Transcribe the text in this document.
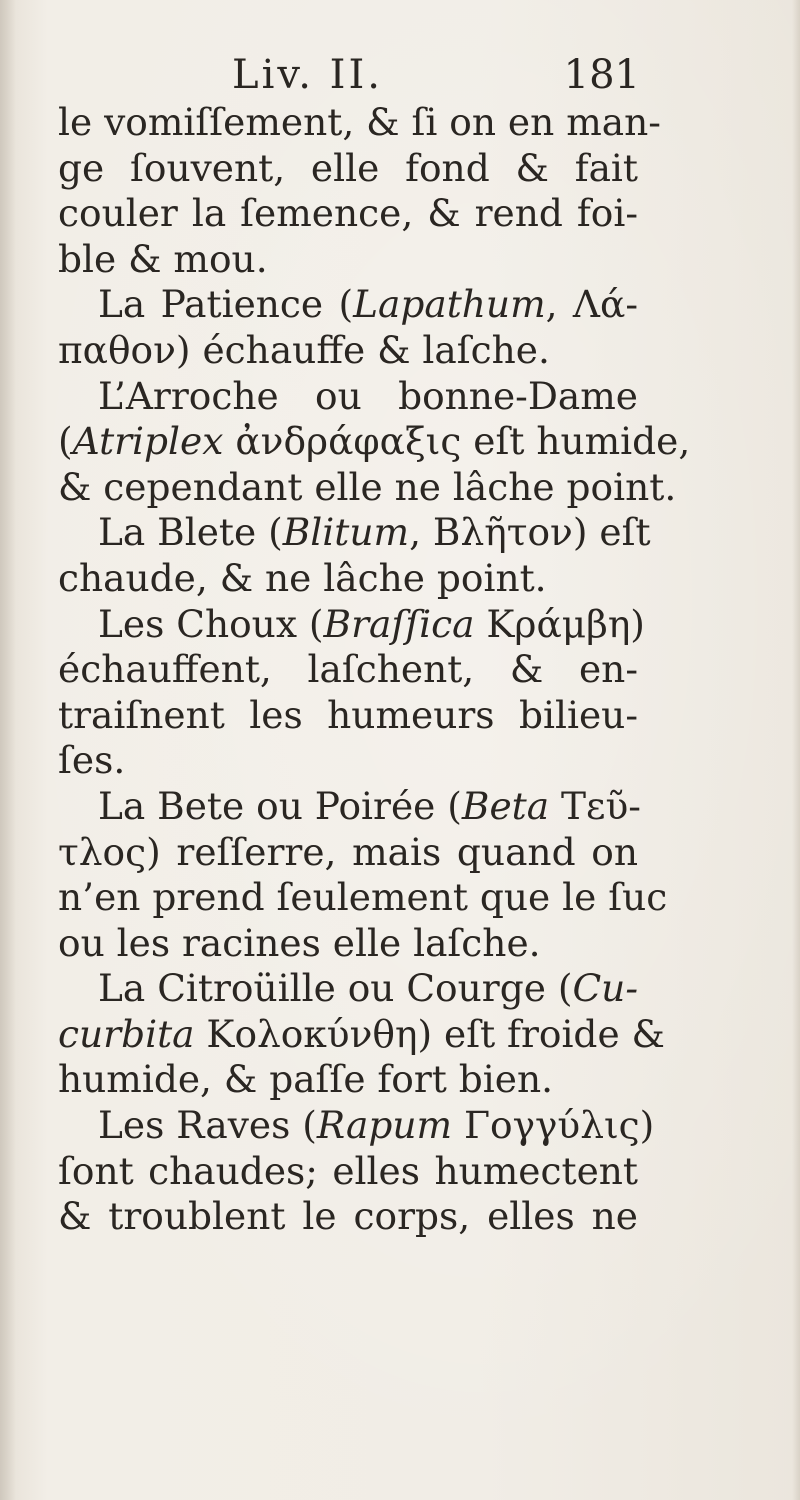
Liv. II.	181
le vomiſſement, & ſi on en man-
ge ſouvent, elle fond & fait
couler la ſemence, & rend foi-
ble & mou.
La Patience (Lapathum, Λά-
παθον) échauffe & laſche.
L’Arroche ou bonne-Dame
(Atriplex ἀνδράφαξις eſt humide,
& cependant elle ne lâche point.
La Blete (Blitum, Βλῆτον) eſt
chaude, & ne lâche point.
Les Choux (Braſſica Κράμβη)
échauffent, laſchent, & en-
traiſnent les humeurs bilieu-
ſes.
La Bete ou Poirée (Beta Τεῦ-
τλος) reſſerre, mais quand on
n’en prend ſeulement que le ſuc
ou les racines elle laſche.
La Citroüille ou Courge (Cu-
curbita Κολοκύνθη) eſt froide &
humide, & paſſe fort bien.
Les Raves (Rapum Γογγύλις)
ſont chaudes; elles humectent
& troublent le corps, elles ne
